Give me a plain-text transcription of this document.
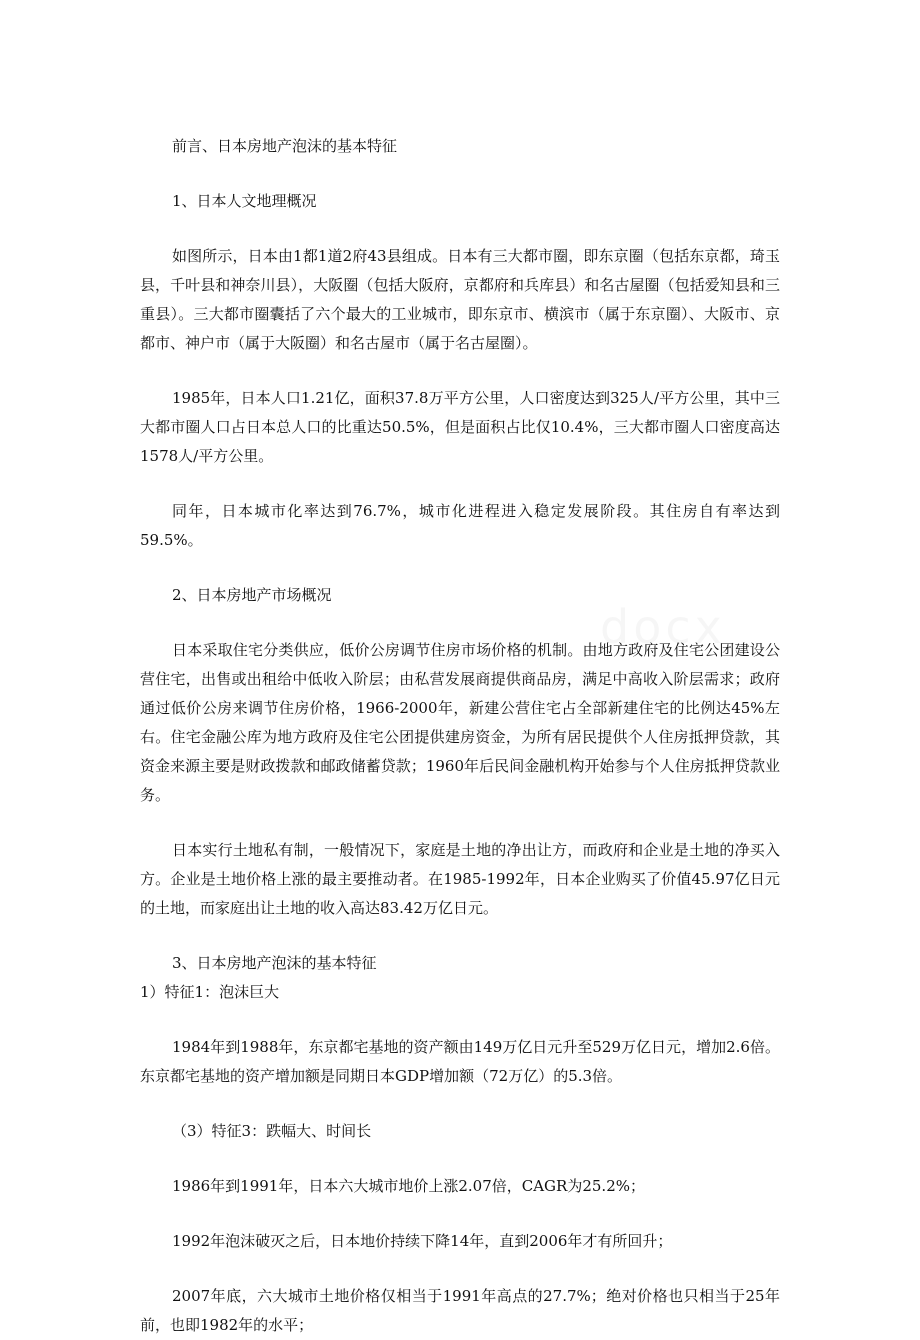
前言、日本房地产泡沫的基本特征

1、日本人文地理概况

如图所示，日本由1都1道2府43县组成。日本有三大都市圈，即东京圈（包括东京都，琦玉县，千叶县和神奈川县），大阪圈（包括大阪府，京都府和兵库县）和名古屋圈（包括爱知县和三重县）。三大都市圈囊括了六个最大的工业城市，即东京市、横滨市（属于东京圈）、大阪市、京都市、神户市（属于大阪圈）和名古屋市（属于名古屋圈）。

1985年，日本人口1.21亿，面积37.8万平方公里，人口密度达到325人/平方公里，其中三大都市圈人口占日本总人口的比重达50.5%，但是面积占比仅10.4%，三大都市圈人口密度高达1578人/平方公里。

同年，日本城市化率达到76.7%，城市化进程进入稳定发展阶段。其住房自有率达到59.5%。

2、日本房地产市场概况

日本采取住宅分类供应，低价公房调节住房市场价格的机制。由地方政府及住宅公团建设公营住宅，出售或出租给中低收入阶层；由私营发展商提供商品房，满足中高收入阶层需求；政府通过低价公房来调节住房价格，1966-2000年，新建公营住宅占全部新建住宅的比例达45%左右。住宅金融公库为地方政府及住宅公团提供建房资金，为所有居民提供个人住房抵押贷款，其资金来源主要是财政拨款和邮政储蓄贷款；1960年后民间金融机构开始参与个人住房抵押贷款业务。

日本实行土地私有制，一般情况下，家庭是土地的净出让方，而政府和企业是土地的净买入方。企业是土地价格上涨的最主要推动者。在1985-1992年，日本企业购买了价值45.97亿日元的土地，而家庭出让土地的收入高达83.42万亿日元。

3、日本房地产泡沫的基本特征

1）特征1：泡沫巨大

1984年到1988年，东京都宅基地的资产额由149万亿日元升至529万亿日元，增加2.6倍。东京都宅基地的资产增加额是同期日本GDP增加额（72万亿）的5.3倍。

（3）特征3：跌幅大、时间长

1986年到1991年，日本六大城市地价上涨2.07倍，CAGR为25.2%；

1992年泡沫破灭之后，日本地价持续下降14年，直到2006年才有所回升；

2007年底，六大城市土地价格仅相当于1991年高点的27.7%；绝对价格也只相当于25年前，也即1982年的水平；
